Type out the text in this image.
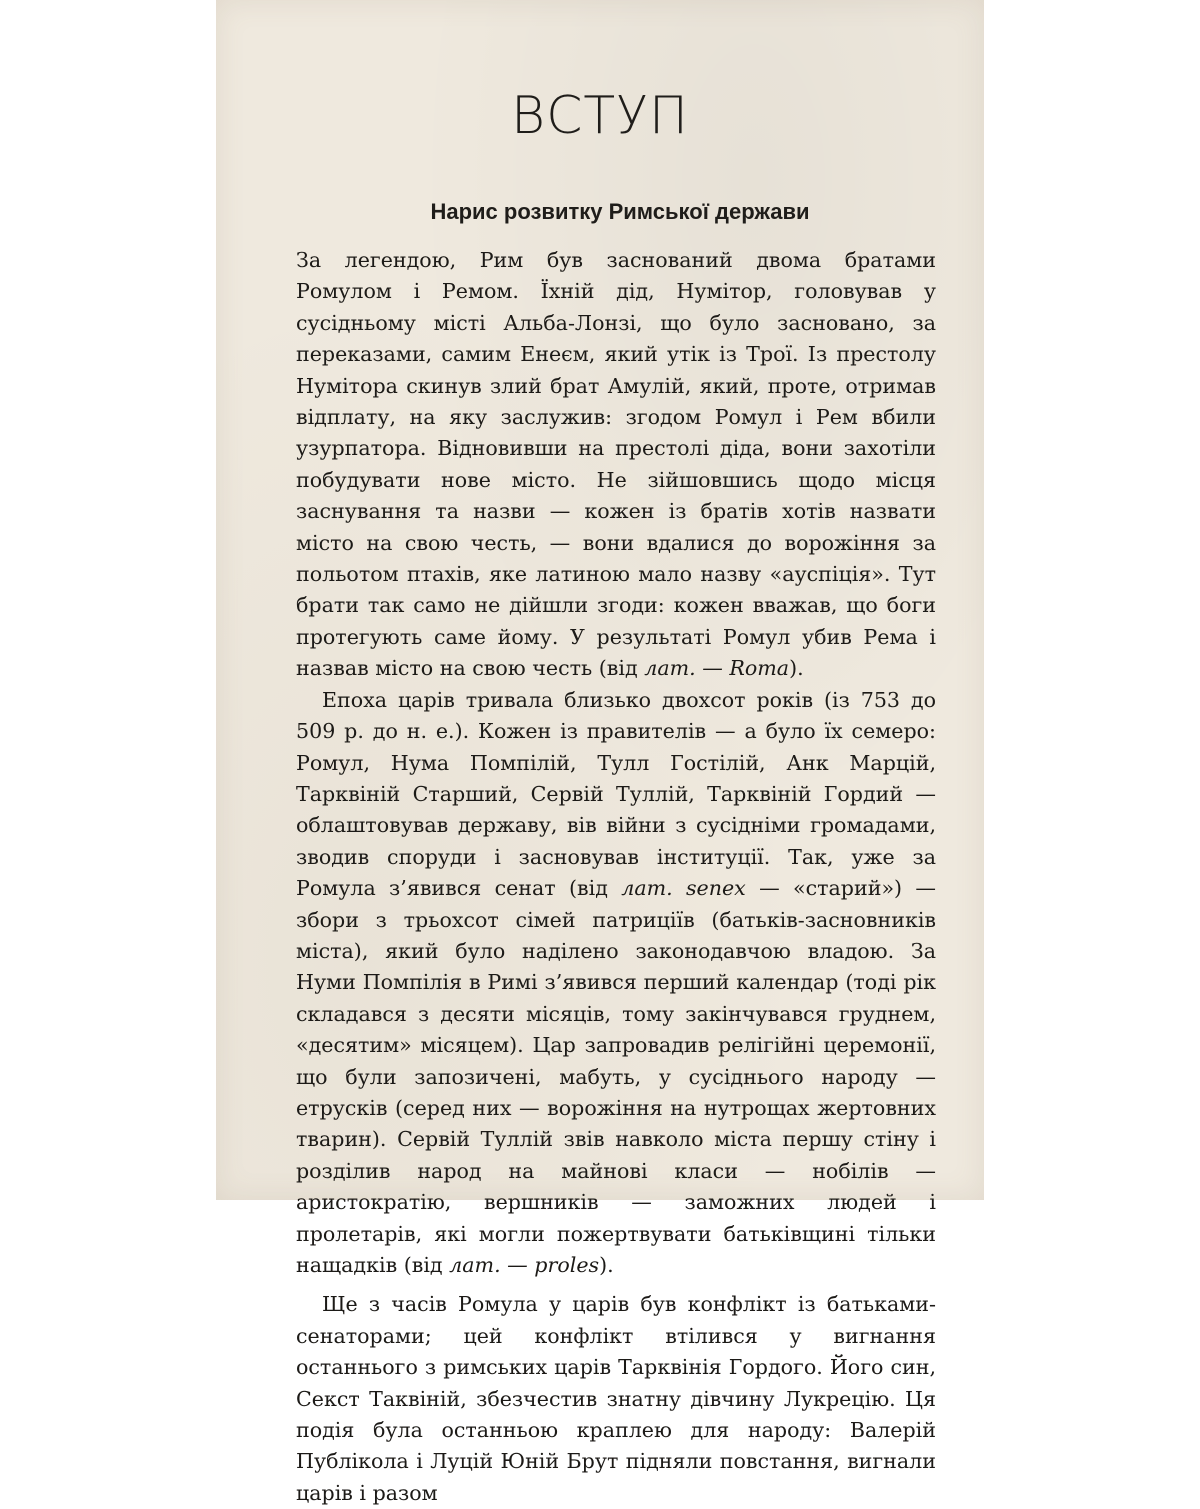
ВСТУП
Нарис розвитку Римської держави

За легендою, Рим був заснований двома братами Ромулом і Ремом. Їхній дід, Нумітор, головував у сусідньому місті Альба-Лонзі, що було засновано, за переказами, самим Енеєм, який утік із Трої. Із престолу Нумітора скинув злий брат Амулій, який, проте, отримав відплату, на яку заслужив: згодом Ромул і Рем вбили узурпатора. Відновивши на престолі діда, вони захотіли побудувати нове місто. Не зійшовшись щодо місця заснування та назви — кожен із братів хотів назвати місто на свою честь, — вони вдалися до ворожіння за польотом птахів, яке латиною мало назву «ауспіція». Тут брати так само не дійшли згоди: кожен вважав, що боги протегують саме йому. У результаті Ромул убив Рема і назвав місто на свою честь (від лат. — Roma).

Епоха царів тривала близько двохсот років (із 753 до 509 р. до н. е.). Кожен із правителів — а було їх семеро: Ромул, Нума Помпілій, Тулл Гостілій, Анк Марцій, Тарквіній Старший, Сервій Туллій, Тарквіній Гордий — облаштовував державу, вів війни з сусідніми громадами, зводив споруди і засновував інституції. Так, уже за Ромула з’явився сенат (від лат. senex — «старий») — збори з трьохсот сімей патриціїв (батьків-засновників міста), який було наділено законодавчою владою. За Нуми Помпілія в Римі з’явився перший календар (тоді рік складався з десяти місяців, тому закінчувався груднем, «десятим» місяцем). Цар запровадив релігійні церемонії, що були запозичені, мабуть, у сусіднього народу — етрусків (серед них — ворожіння на нутрощах жертовних тварин). Сервій Туллій звів навколо міста першу стіну і розділив народ на майнові класи — нобілів — аристократію, вершників — заможних людей і пролетарів, які могли пожертвувати батьківщині тільки нащадків (від лат. — proles).

Ще з часів Ромула у царів був конфлікт із батьками-сенаторами; цей конфлікт втілився у вигнання останнього з римських царів Тарквінія Гордого. Його син, Секст Таквіній, збезчестив знатну дівчину Лукрецію. Ця подія була останньою краплею для народу: Валерій Публікола і Луцій Юній Брут підняли повстання, вигнали царів і разом
